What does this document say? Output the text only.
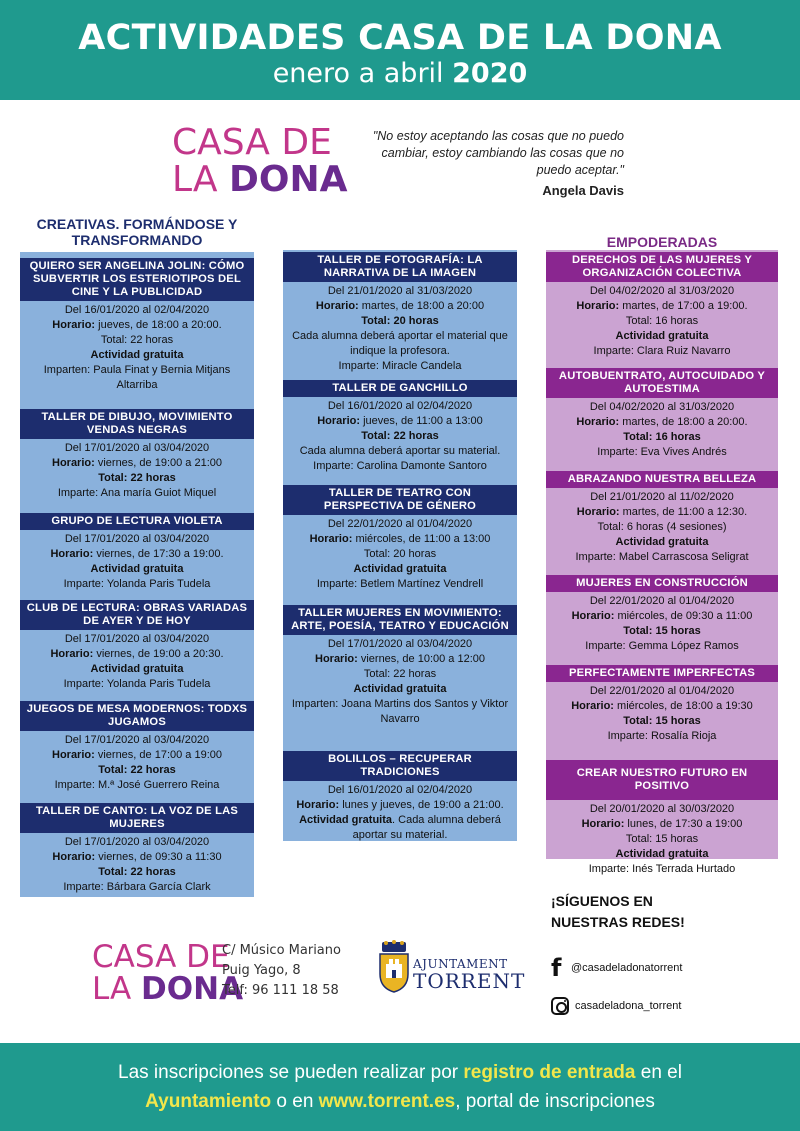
ACTIVIDADES CASA DE LA DONA
enero a abril 2020
CASA DE
LA DONA
"No estoy aceptando las cosas que no puedo cambiar, estoy cambiando las cosas que no puedo aceptar."
Angela Davis
CREATIVAS. FORMÁNDOSE Y TRANSFORMANDO	EMPODERADAS
QUIERO SER ANGELINA JOLIN: CÓMO SUBVERTIR LOS ESTERIOTIPOS DEL CINE Y LA PUBLICIDAD
Del 16/01/2020 al 02/04/2020
Horario: jueves, de 18:00 a 20:00.
Total: 22 horas
Actividad gratuita
Imparten: Paula Finat y Bernia Mitjans Altarriba
TALLER DE DIBUJO, MOVIMIENTO VENDAS NEGRAS
Del 17/01/2020 al 03/04/2020
Horario: viernes, de 19:00 a 21:00
Total: 22 horas
Imparte: Ana maría Guiot Miquel
GRUPO DE LECTURA VIOLETA
Del 17/01/2020 al 03/04/2020
Horario: viernes, de 17:30 a 19:00.
Actividad gratuita
Imparte: Yolanda Paris Tudela
CLUB DE LECTURA: OBRAS VARIADAS DE AYER Y DE HOY
Del 17/01/2020 al 03/04/2020
Horario: viernes, de 19:00 a 20:30.
Actividad gratuita
Imparte: Yolanda Paris Tudela
JUEGOS DE MESA MODERNOS: TODXS JUGAMOS
Del 17/01/2020 al 03/04/2020
Horario: viernes, de 17:00 a 19:00
Total: 22 horas
Imparte: M.ª José Guerrero Reina
TALLER DE CANTO: LA VOZ DE LAS MUJERES
Del 17/01/2020 al 03/04/2020
Horario: viernes, de 09:30 a 11:30
Total: 22 horas
Imparte: Bárbara García Clark
TALLER DE FOTOGRAFÍA: LA NARRATIVA DE LA IMAGEN
Del 21/01/2020 al 31/03/2020
Horario: martes, de 18:00 a 20:00
Total: 20 horas
Cada alumna deberá aportar el material que indique la profesora.
Imparte: Miracle Candela
TALLER DE GANCHILLO
Del 16/01/2020 al 02/04/2020
Horario: jueves, de 11:00 a 13:00
Total: 22 horas
Cada alumna deberá aportar su material.
Imparte: Carolina Damonte Santoro
TALLER DE TEATRO CON PERSPECTIVA DE GÉNERO
Del 22/01/2020 al 01/04/2020
Horario: miércoles, de 11:00 a 13:00
Total: 20 horas
Actividad gratuita
Imparte: Betlem Martínez Vendrell
TALLER MUJERES EN MOVIMIENTO: ARTE, POESÍA, TEATRO Y EDUCACIÓN
Del 17/01/2020 al 03/04/2020
Horario: viernes, de 10:00 a 12:00
Total: 22 horas
Actividad gratuita
Imparten: Joana Martins dos Santos y Viktor Navarro
BOLILLOS – RECUPERAR TRADICIONES
Del 16/01/2020 al 02/04/2020
Horario: lunes y jueves, de 19:00 a 21:00.
Actividad gratuita. Cada alumna deberá aportar su material.
DERECHOS DE LAS MUJERES Y ORGANIZACIÓN COLECTIVA
Del 04/02/2020 al 31/03/2020
Horario: martes, de 17:00 a 19:00.
Total: 16 horas
Actividad gratuita
Imparte: Clara Ruiz Navarro
AUTOBUENTRATO, AUTOCUIDADO Y AUTOESTIMA
Del 04/02/2020 al 31/03/2020
Horario: martes, de 18:00 a 20:00.
Total: 16 horas
Imparte: Eva Vives Andrés
ABRAZANDO NUESTRA BELLEZA
Del 21/01/2020 al 11/02/2020
Horario: martes, de 11:00 a 12:30.
Total: 6 horas (4 sesiones)
Actividad gratuita
Imparte: Mabel Carrascosa Seligrat
MUJERES EN CONSTRUCCIÓN
Del 22/01/2020 al 01/04/2020
Horario: miércoles, de 09:30 a 11:00
Total: 15 horas
Imparte: Gemma López Ramos
PERFECTAMENTE IMPERFECTAS
Del 22/01/2020 al 01/04/2020
Horario: miércoles, de 18:00 a 19:30
Total: 15 horas
Imparte: Rosalía Rioja
CREAR NUESTRO FUTURO EN POSITIVO
Del 20/01/2020 al 30/03/2020
Horario: lunes, de 17:30 a 19:00
Total: 15 horas
Actividad gratuita
Imparte: Inés Terrada Hurtado
¡SÍGUENOS EN NUESTRAS REDES!
f @casadeladonatorrent
casadeladona_torrent
CASA DE
LA DONA
C/ Músico Mariano
Puig Yago, 8
Telf: 96 111 18 58
AJUNTAMENT
TORRENT
Las inscripciones se pueden realizar por registro de entrada en el
Ayuntamiento o en www.torrent.es, portal de inscripciones
